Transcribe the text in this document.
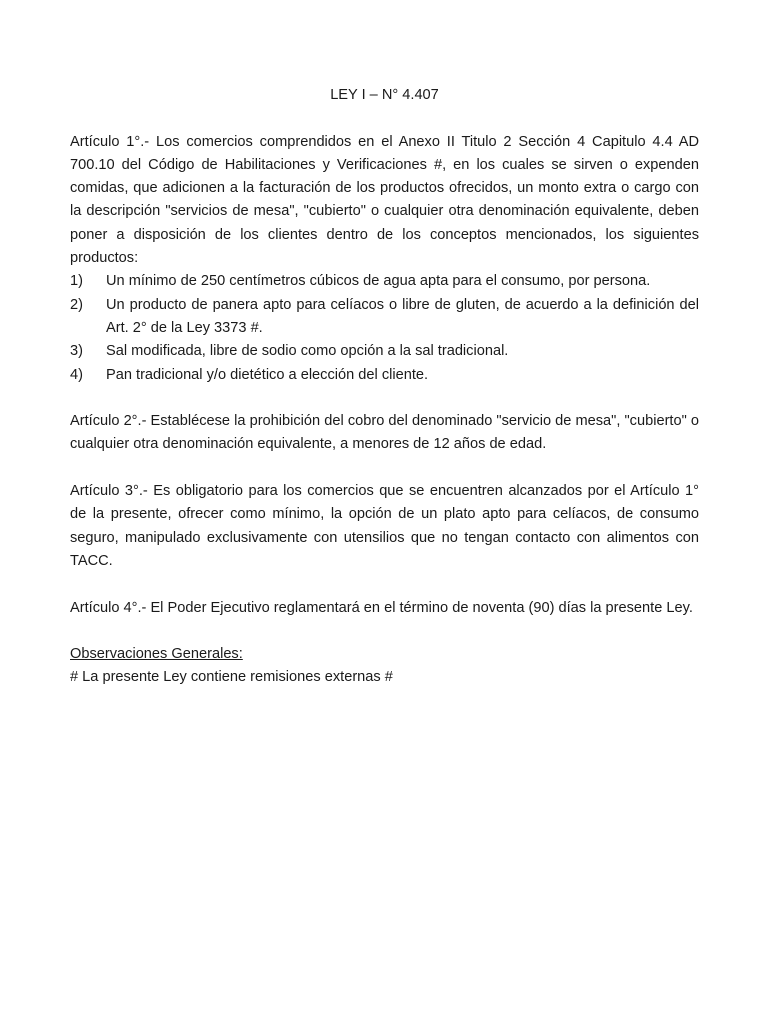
LEY I – N° 4.407

Artículo 1°.- Los comercios comprendidos en el Anexo II Titulo 2 Sección 4 Capitulo 4.4 AD 700.10 del Código de Habilitaciones y Verificaciones #, en los cuales se sirven o expenden comidas, que adicionen a la facturación de los productos ofrecidos, un monto extra o cargo con la descripción "servicios de mesa", "cubierto" o cualquier otra denominación equivalente, deben poner a disposición de los clientes dentro de los conceptos mencionados, los siguientes productos:

1)	Un mínimo de 250 centímetros cúbicos de agua apta para el consumo, por persona.
2)	Un producto de panera apto para celíacos o libre de gluten, de acuerdo a la definición del Art. 2° de la Ley 3373 #.
3)	Sal modificada, libre de sodio como opción a la sal tradicional.
4)	Pan tradicional y/o dietético a elección del cliente.

Artículo 2°.- Establécese la prohibición del cobro del denominado "servicio de mesa", "cubierto" o cualquier otra denominación equivalente, a menores de 12 años de edad.

Artículo 3°.- Es obligatorio para los comercios que se encuentren alcanzados por el Artículo 1° de la presente, ofrecer como mínimo, la opción de un plato apto para celíacos, de consumo seguro, manipulado exclusivamente con utensilios que no tengan contacto con alimentos con TACC.

Artículo 4°.- El Poder Ejecutivo reglamentará en el término de noventa (90) días la presente Ley.

Observaciones Generales:

# La presente Ley contiene remisiones externas #
